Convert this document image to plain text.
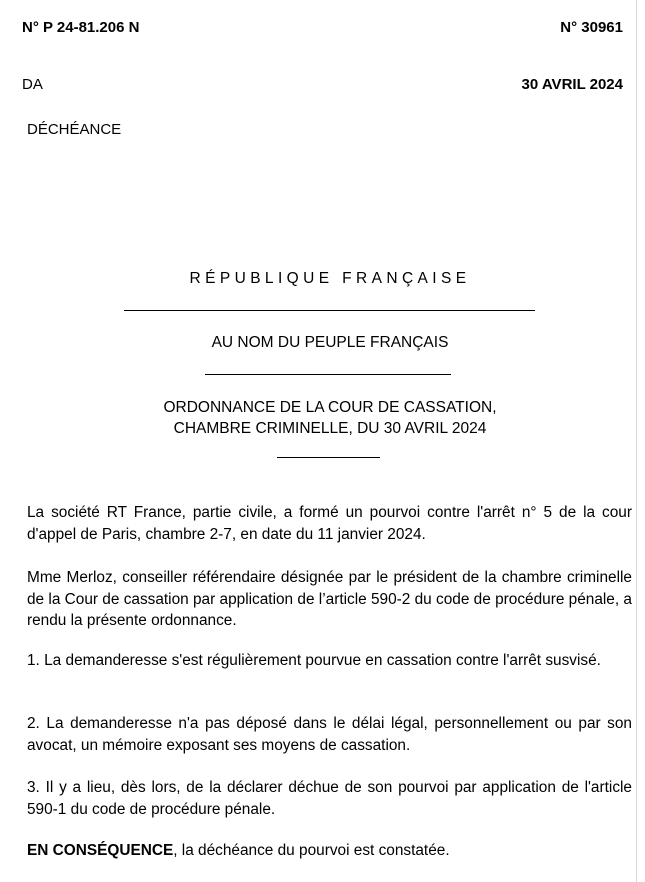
N° P 24-81.206 N	N° 30961
DA	30 AVRIL 2024
DÉCHÉANCE
RÉPUBLIQUE FRANÇAISE
AU NOM DU PEUPLE FRANÇAIS
ORDONNANCE DE LA COUR DE CASSATION,
CHAMBRE CRIMINELLE, DU 30 AVRIL 2024
La société RT France, partie civile, a formé un pourvoi contre l'arrêt n° 5 de la cour d'appel de Paris, chambre 2-7, en date du 11 janvier 2024.
Mme Merloz, conseiller référendaire désignée par le président de la chambre criminelle de la Cour de cassation par application de l’article 590-2 du code de procédure pénale, a rendu la présente ordonnance.
1. La demanderesse s'est régulièrement pourvue en cassation contre l'arrêt susvisé.
2. La demanderesse n'a pas déposé dans le délai légal, personnellement ou par son avocat, un mémoire exposant ses moyens de cassation.
3. Il y a lieu, dès lors, de la déclarer déchue de son pourvoi par application de l'article 590-1 du code de procédure pénale.
EN CONSÉQUENCE, la déchéance du pourvoi est constatée.
